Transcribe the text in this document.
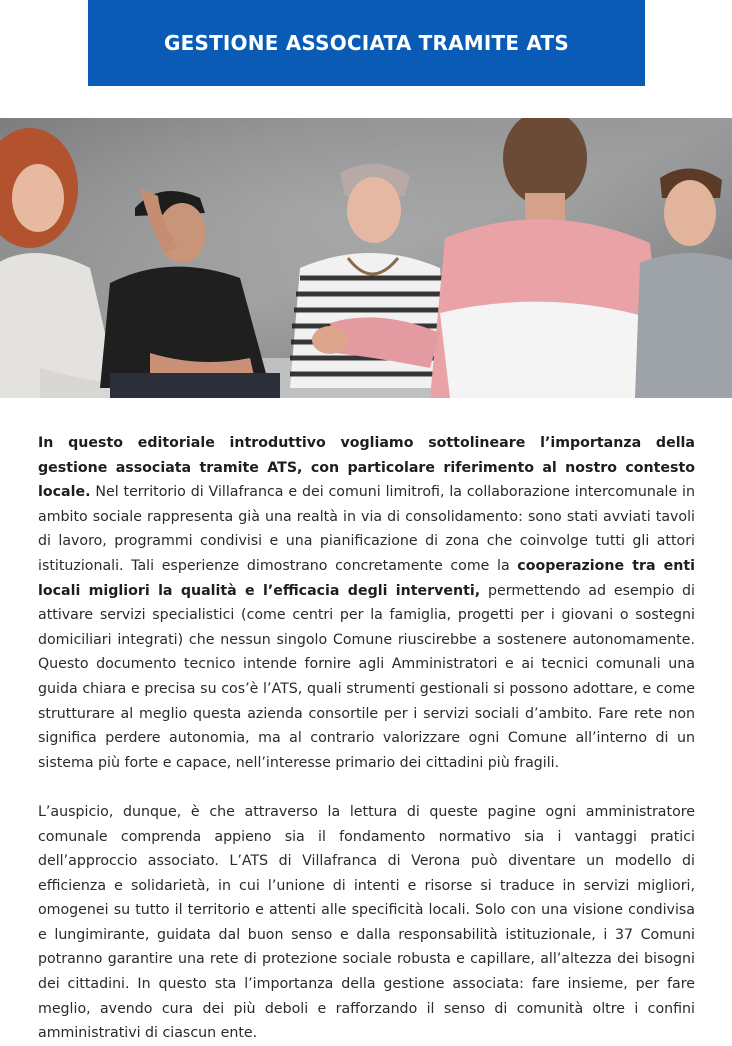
GESTIONE ASSOCIATA TRAMITE ATS

In questo editoriale introduttivo vogliamo sottolineare l’importanza della gestione associata tramite ATS, con particolare riferimento al nostro contesto locale. Nel territorio di Villafranca e dei comuni limitrofi, la collaborazione intercomunale in ambito sociale rappresenta già una realtà in via di consolidamento: sono stati avviati tavoli di lavoro, programmi condivisi e una pianificazione di zona che coinvolge tutti gli attori istituzionali. Tali esperienze dimostrano concretamente come la cooperazione tra enti locali migliori la qualità e l’efficacia degli interventi, permettendo ad esempio di attivare servizi specialistici (come centri per la famiglia, progetti per i giovani o sostegni domiciliari integrati) che nessun singolo Comune riuscirebbe a sostenere autonomamente. Questo documento tecnico intende fornire agli Amministratori e ai tecnici comunali una guida chiara e precisa su cos’è l’ATS, quali strumenti gestionali si possono adottare, e come strutturare al meglio questa azienda consortile per i servizi sociali d’ambito. Fare rete non significa perdere autonomia, ma al contrario valorizzare ogni Comune all’interno di un sistema più forte e capace, nell’interesse primario dei cittadini più fragili.

L’auspicio, dunque, è che attraverso la lettura di queste pagine ogni amministratore comunale comprenda appieno sia il fondamento normativo sia i vantaggi pratici dell’approccio associato. L’ATS di Villafranca di Verona può diventare un modello di efficienza e solidarietà, in cui l’unione di intenti e risorse si traduce in servizi migliori, omogenei su tutto il territorio e attenti alle specificità locali. Solo con una visione condivisa e lungimirante, guidata dal buon senso e dalla responsabilità istituzionale, i 37 Comuni potranno garantire una rete di protezione sociale robusta e capillare, all’altezza dei bisogni dei cittadini. In questo sta l’importanza della gestione associata: fare insieme, per fare meglio, avendo cura dei più deboli e rafforzando il senso di comunità oltre i confini amministrativi di ciascun ente.
